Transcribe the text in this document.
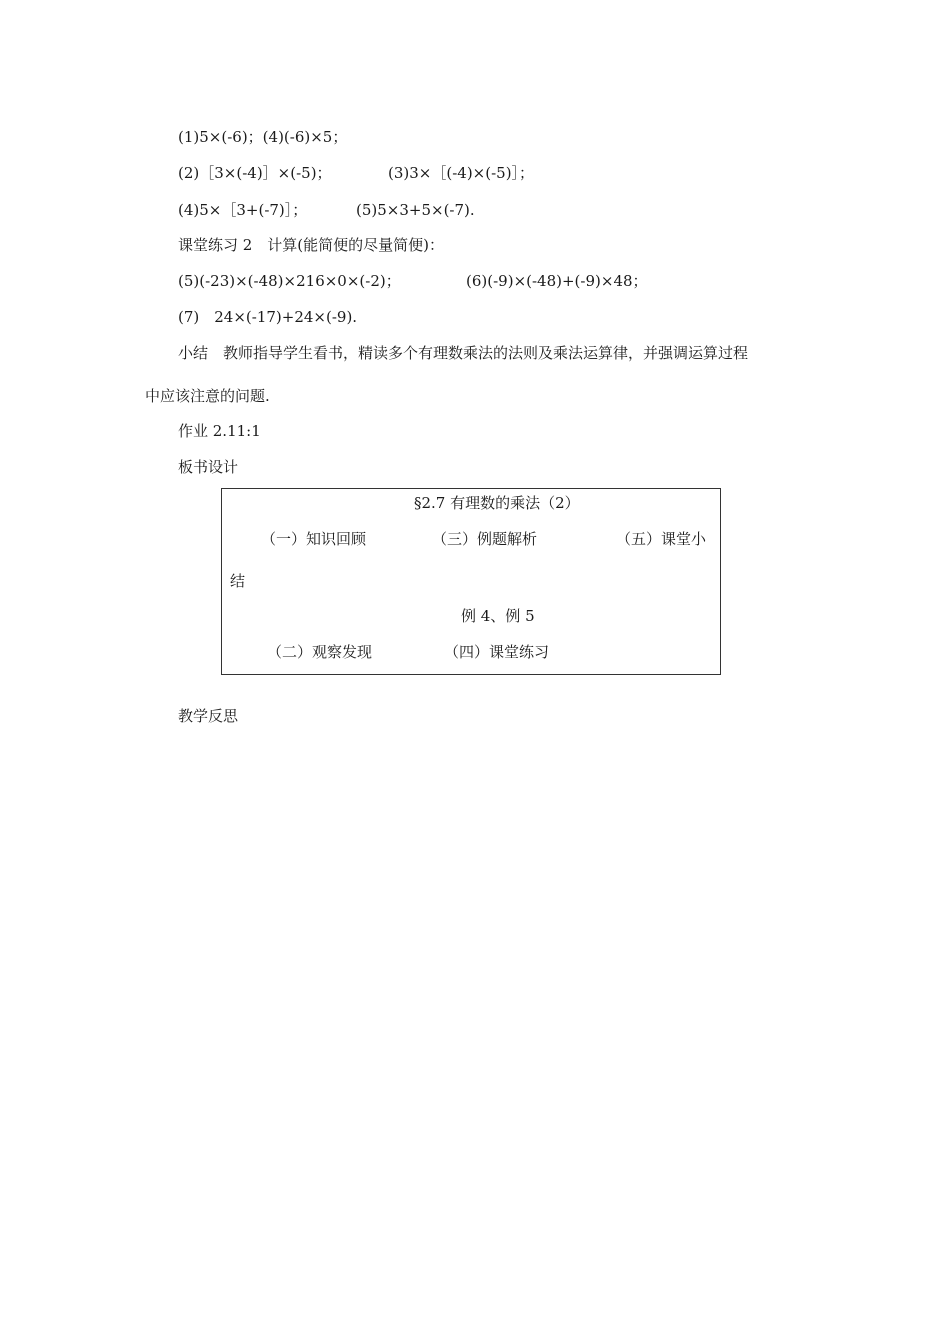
(1)5×(-6)；(4)(-6)×5；
(2)［3×(-4)］×(-5)；	(3)3×［(-4)×(-5)］；
(4)5×［3+(-7)］；	(5)5×3+5×(-7).
课堂练习 2　计算(能简便的尽量简便)：
(5)(-23)×(-48)×216×0×(-2)；	(6)(-9)×(-48)+(-9)×48；
(7)　24×(-17)+24×(-9).
小结　教师指导学生看书，精读多个有理数乘法的法则及乘法运算律，并强调运算过程
中应该注意的问题.
作业 2.11:1
板书设计
§2.7 有理数的乘法（2）
（一）知识回顾	（三）例题解析	（五）课堂小
结
例 4、例 5
（二）观察发现	（四）课堂练习
教学反思
